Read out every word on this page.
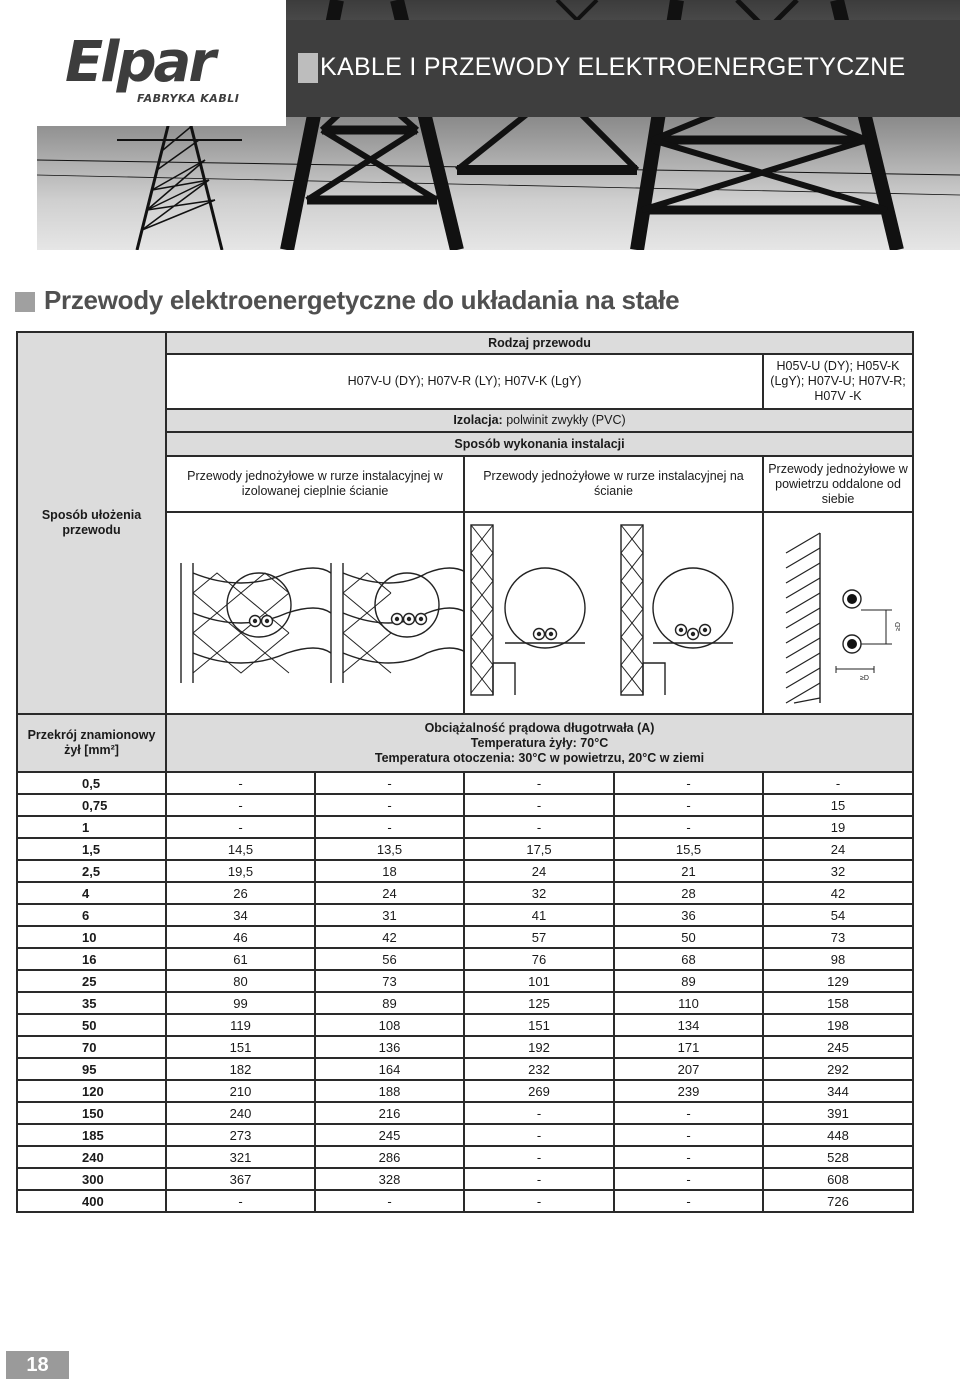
Elpar
FABRYKA KABLI
KABLE I PRZEWODY ELEKTROENERGETYCZNE
Przewody elektroenergetyczne do układania na stałe
Sposób ułożenia przewodu	Rodzaj przewodu				
	H07V-U (DY); H07V-R (LY); H07V-K (LgY)				H05V-U (DY); H05V-K (LgY); H07V-U; H07V-R; H07V -K
	Izolacja: polwinit zwykły (PVC)				
	Sposób wykonania instalacji				
	Przewody jednożyłowe w rurze instalacyjnej w izolowanej cieplnie ścianie		Przewody jednożyłowe w rurze instalacyjnej na ścianie		Przewody jednożyłowe w powietrzu oddalone od siebie

≥D
≥D

Przekrój znamionowy żył [mm²]	Obciążalność prądowa długotrwała (A)
Temperatura żyły: 70°C
Temperatura otoczenia: 30°C w powietrzu, 20°C w ziemi				

0,5	-	-	-	-	-
0,75	-	-	-	-	15
1	-	-	-	-	19
1,5	14,5	13,5	17,5	15,5	24
2,5	19,5	18	24	21	32
4	26	24	32	28	42
6	34	31	41	36	54
10	46	42	57	50	73
16	61	56	76	68	98
25	80	73	101	89	129
35	99	89	125	110	158
50	119	108	151	134	198
70	151	136	192	171	245
95	182	164	232	207	292
120	210	188	269	239	344
150	240	216	-	-	391
185	273	245	-	-	448
240	321	286	-	-	528
300	367	328	-	-	608
400	-	-	-	-	726
18
